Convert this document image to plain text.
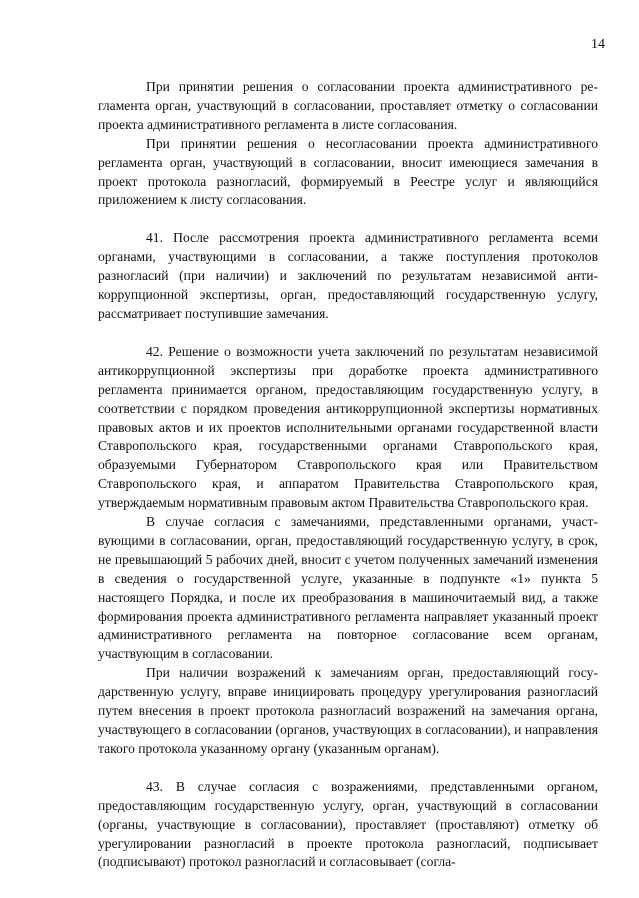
14

При принятии решения о согласовании проекта административного регламента орган, участвующий в согласовании, проставляет отметку о согласовании проекта административного регламента в листе согласования.

При принятии решения о несогласовании проекта административного регламента орган, участвующий в согласовании, вносит имеющиеся замечания в проект протокола разногласий, формируемый в Реестре услуг и являющийся приложением к листу согласования.

41. После рассмотрения проекта административного регламента всеми органами, участвующими в согласовании, а также поступления протоколов разногласий (при наличии) и заключений по результатам независимой антикоррупционной экспертизы, орган, предоставляющий государственную услугу, рассматривает поступившие замечания.

42. Решение о возможности учета заключений по результатам независимой антикоррупционной экспертизы при доработке проекта административного регламента принимается органом, предоставляющим государственную услугу, в соответствии с порядком проведения антикоррупционной экспертизы нормативных правовых актов и их проектов исполнительными органами государственной власти Ставропольского края, государственными органами Ставропольского края, образуемыми Губернатором Ставропольского края или Правительством Ставропольского края, и аппаратом Правительства Ставропольского края, утверждаемым нормативным правовым актом Правительства Ставропольского края.

В случае согласия с замечаниями, представленными органами, участвующими в согласовании, орган, предоставляющий государственную услугу, в срок, не превышающий 5 рабочих дней, вносит с учетом полученных замечаний изменения в сведения о государственной услуге, указанные в подпункте «1» пункта 5 настоящего Порядка, и после их преобразования в машиночитаемый вид, а также формирования проекта административного регламента направляет указанный проект административного регламента на повторное согласование всем органам, участвующим в согласовании.

При наличии возражений к замечаниям орган, предоставляющий государственную услугу, вправе инициировать процедуру урегулирования разногласий путем внесения в проект протокола разногласий возражений на замечания органа, участвующего в согласовании (органов, участвующих в согласовании), и направления такого протокола указанному органу (указанным органам).

43. В случае согласия с возражениями, представленными органом, предоставляющим государственную услугу, орган, участвующий в согласовании (органы, участвующие в согласовании), проставляет (проставляют) отметку об урегулировании разногласий в проекте протокола разногласий, подписывает (подписывают) протокол разногласий и согласовывает (согла-
